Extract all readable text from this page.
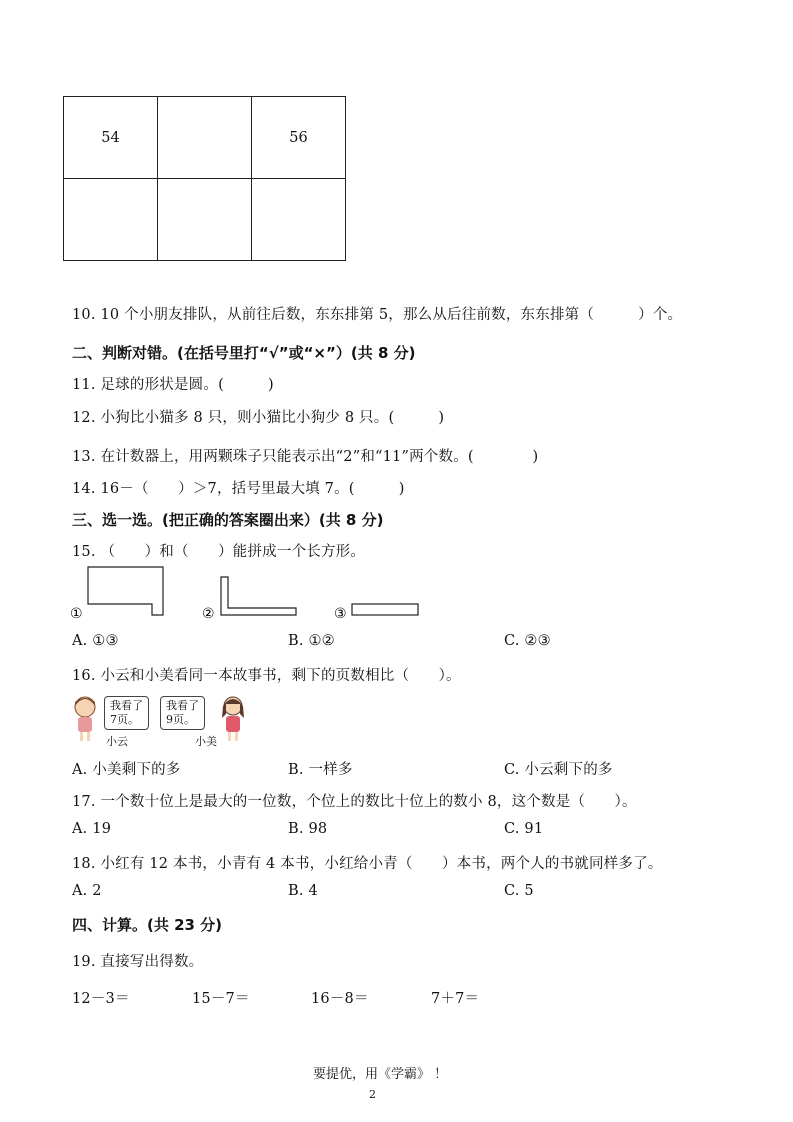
54		56

10. 10 个小朋友排队，从前往后数，东东排第 5，那么从后往前数，东东排第（　　　）个。
二、判断对错。(在括号里打“√”或“×”）(共 8 分)
11. 足球的形状是圆。(　　　)
12. 小狗比小猫多 8 只，则小猫比小狗少 8 只。(　　　)
13. 在计数器上，用两颗珠子只能表示出“2”和“11”两个数。(　　　　)
14. 16－（　　）＞7，括号里最大填 7。(　　　)
三、选一选。(把正确的答案圈出来）(共 8 分)
15. （　　）和（　　）能拼成一个长方形。
①	②	③
A. ①③	B. ①②	C. ②③
16. 小云和小美看同一本故事书，剩下的页数相比（　　）。
我看了
7页。
我看了
9页。
小云	小美
A. 小美剩下的多	B. 一样多	C. 小云剩下的多
17. 一个数十位上是最大的一位数，个位上的数比十位上的数小 8，这个数是（　　）。
A. 19	B. 98	C. 91
18. 小红有 12 本书，小青有 4 本书，小红给小青（　　）本书，两个人的书就同样多了。
A. 2	B. 4	C. 5
四、计算。(共 23 分)
19. 直接写出得数。
12－3＝	15－7＝	16－8＝	7＋7＝
要提优，用《学霸》 ！
2
